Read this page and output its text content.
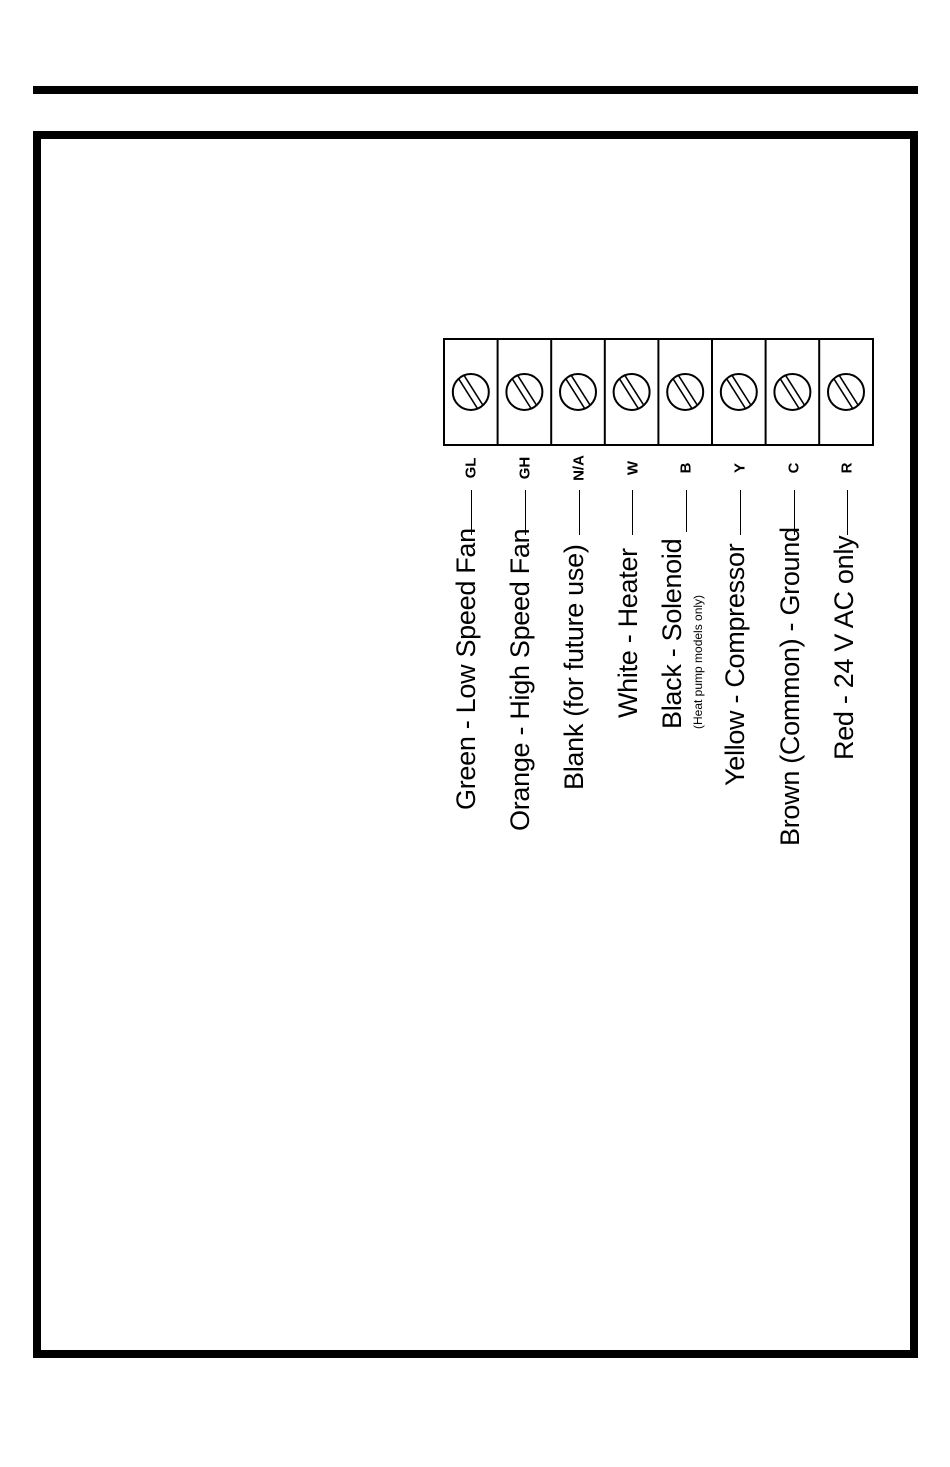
GL
Green - Low Speed Fan
GH
Orange - High Speed Fan
N/A
Blank (for future use)
W
White - Heater
B
Black - Solenoid (Heat pump models only)
Y
Yellow - Compressor
C
Brown (Common) - Ground
R
Red - 24 V AC only
